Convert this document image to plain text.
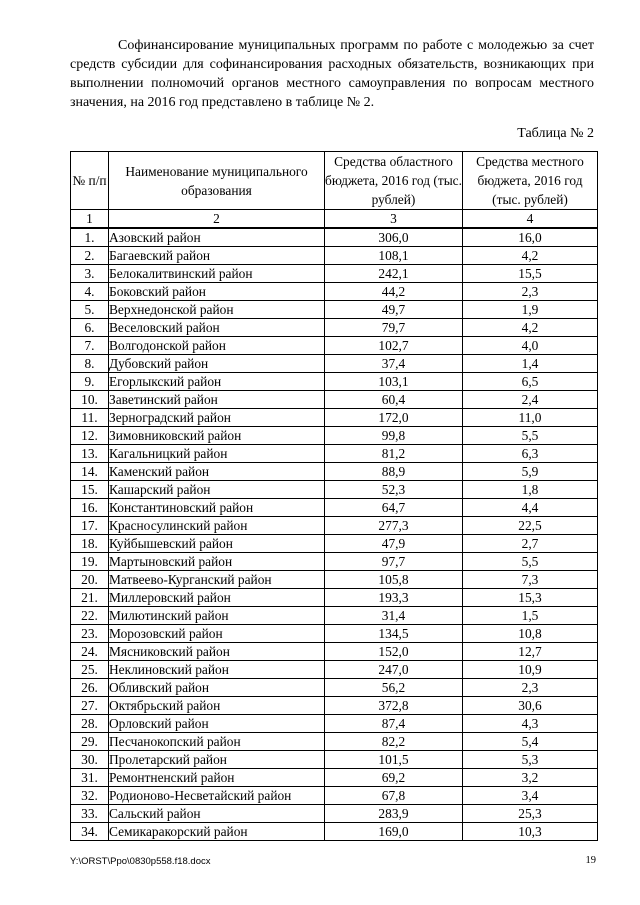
Софинансирование муниципальных программ по работе с молодежью за счет средств субсидии для софинансирования расходных обязательств, возникающих при выполнении полномочий органов местного самоуправления по вопросам местного значения, на 2016 год представлено в таблице № 2.

Таблица № 2

№ п/п	Наименование муниципального образования	Средства областного бюджета, 2016 год (тыс. рублей)	Средства местного бюджета, 2016 год (тыс. рублей)
1	2	3	4
1.	Азовский район	306,0	16,0
2.	Багаевский район	108,1	4,2
3.	Белокалитвинский район	242,1	15,5
4.	Боковский район	44,2	2,3
5.	Верхнедонской район	49,7	1,9
6.	Веселовский район	79,7	4,2
7.	Волгодонской район	102,7	4,0
8.	Дубовский район	37,4	1,4
9.	Егорлыкский район	103,1	6,5
10.	Заветинский район	60,4	2,4
11.	Зерноградский район	172,0	11,0
12.	Зимовниковский район	99,8	5,5
13.	Кагальницкий район	81,2	6,3
14.	Каменский район	88,9	5,9
15.	Кашарский район	52,3	1,8
16.	Константиновский район	64,7	4,4
17.	Красносулинский район	277,3	22,5
18.	Куйбышевский район	47,9	2,7
19.	Мартыновский район	97,7	5,5
20.	Матвеево-Курганский район	105,8	7,3
21.	Миллеровский район	193,3	15,3
22.	Милютинский район	31,4	1,5
23.	Морозовский район	134,5	10,8
24.	Мясниковский район	152,0	12,7
25.	Неклиновский район	247,0	10,9
26.	Обливский район	56,2	2,3
27.	Октябрьский район	372,8	30,6
28.	Орловский район	87,4	4,3
29.	Песчанокопский район	82,2	5,4
30.	Пролетарский район	101,5	5,3
31.	Ремонтненский район	69,2	3,2
32.	Родионово-Несветайский район	67,8	3,4
33.	Сальский район	283,9	25,3
34.	Семикаракорский район	169,0	10,3

Y:\ORST\Ppo\0830p558.f18.docx	19
